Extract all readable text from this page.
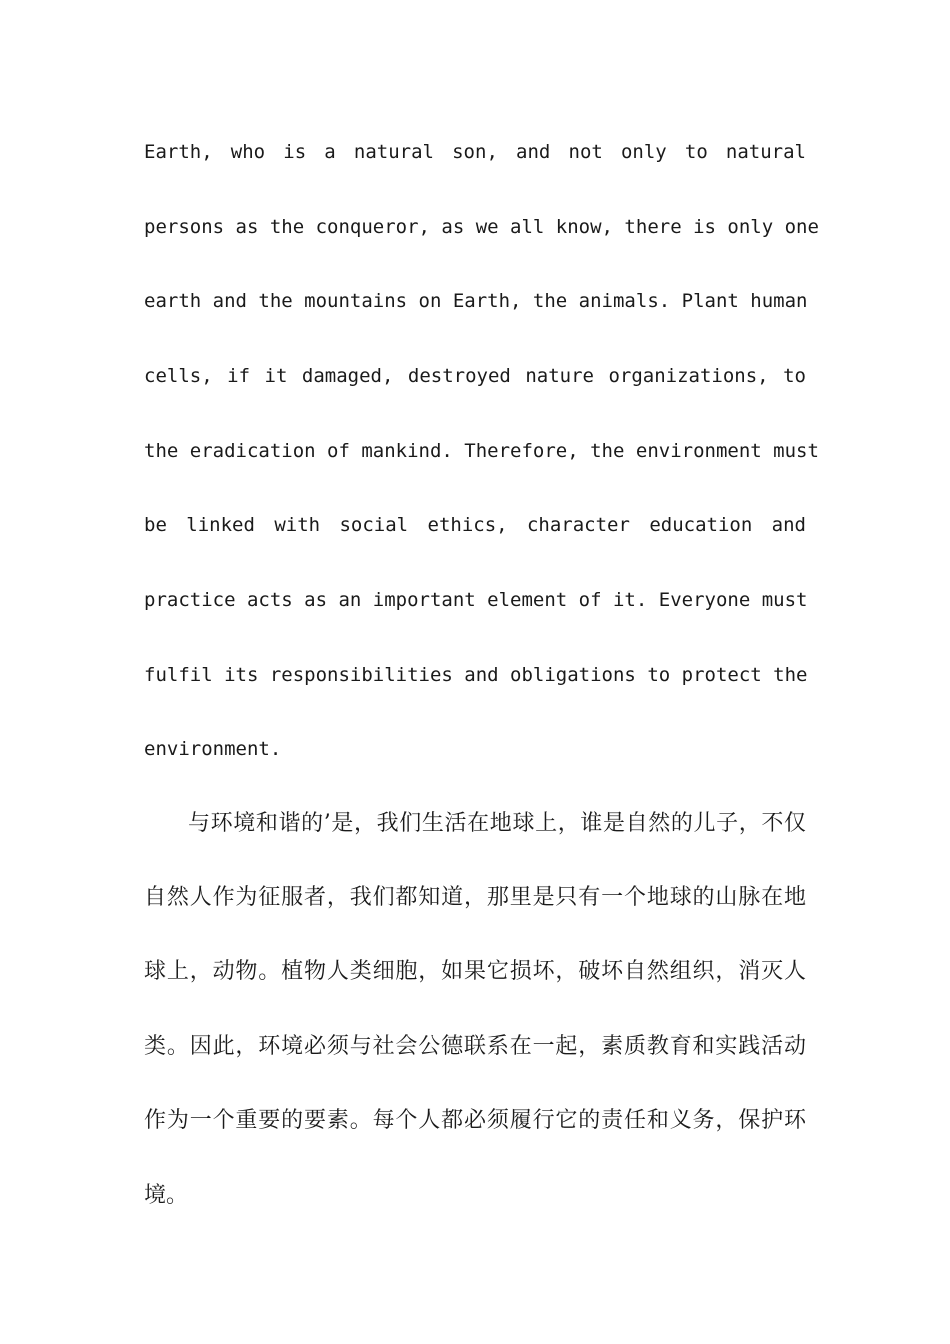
Earth, who is a natural son, and not only to natural
persons as the conqueror, as we all know, there is only one
earth and the mountains on Earth, the animals. Plant human
cells, if it damaged, destroyed nature organizations, to
the eradication of mankind. Therefore, the environment must
be linked with social ethics, character education and
practice acts as an important element of it. Everyone must
fulfil its responsibilities and obligations to protect the
environment.
与环境和谐的’是，我们生活在地球上，谁是自然的儿子，不仅
自然人作为征服者，我们都知道，那里是只有一个地球的山脉在地
球上，动物。植物人类细胞，如果它损坏，破坏自然组织，消灭人
类。因此，环境必须与社会公德联系在一起，素质教育和实践活动
作为一个重要的要素。每个人都必须履行它的责任和义务，保护环
境。
